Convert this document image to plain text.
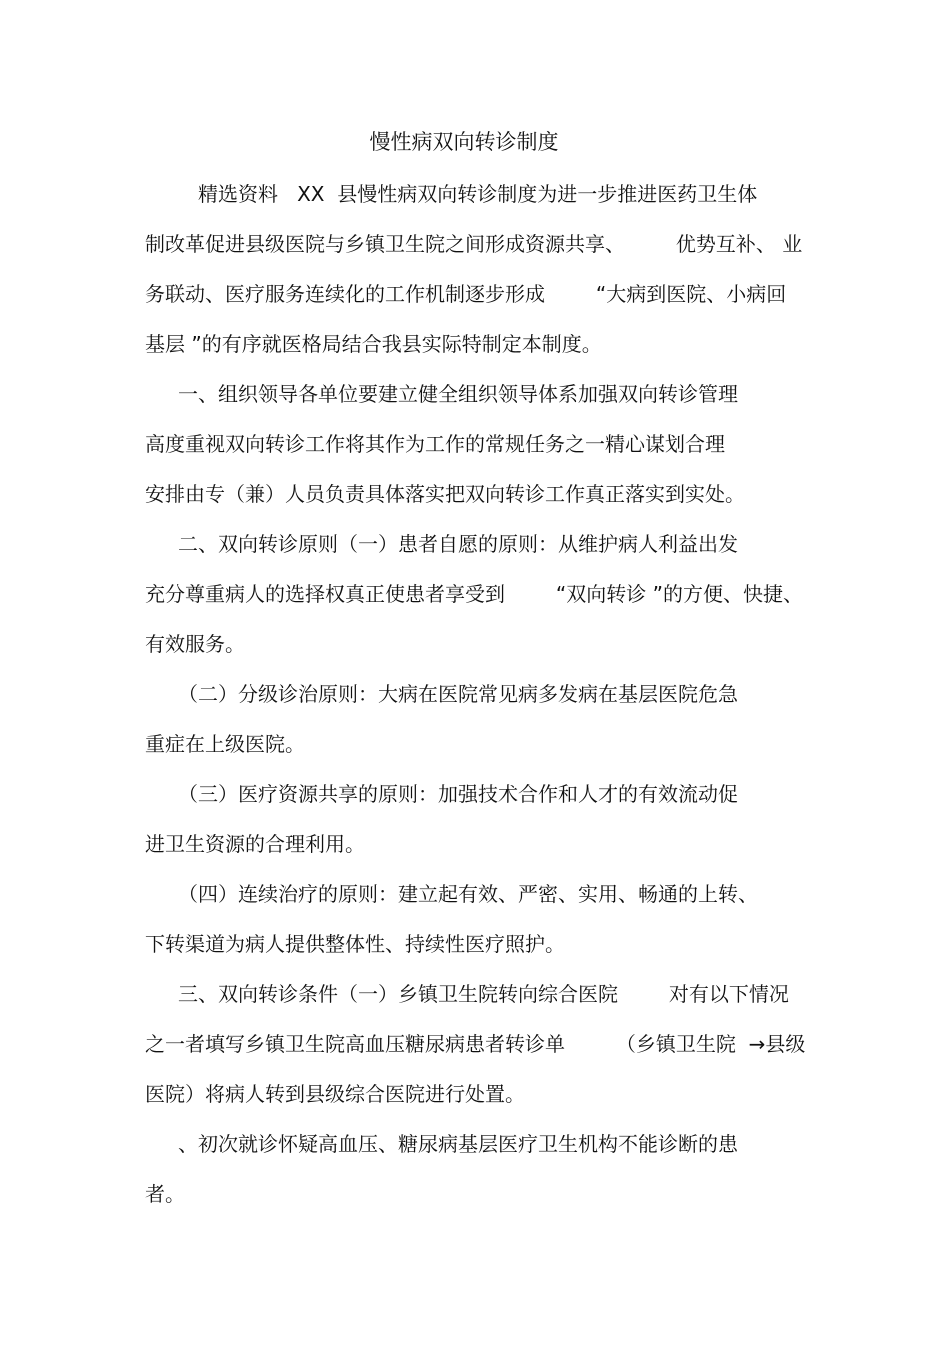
慢性病双向转诊制度
精选资料   XX  县慢性病双向转诊制度为进一步推进医药卫生体
制改革促进县级医院与乡镇卫生院之间形成资源共享、        优势互补、 业
务联动、医疗服务连续化的工作机制逐步形成        “大病到医院、小病回
基层 ”的有序就医格局结合我县实际特制定本制度。
一、组织领导各单位要建立健全组织领导体系加强双向转诊管理
高度重视双向转诊工作将其作为工作的常规任务之一精心谋划合理
安排由专（兼）人员负责具体落实把双向转诊工作真正落实到实处。
二、双向转诊原则（一）患者自愿的原则：从维护病人利益出发
充分尊重病人的选择权真正使患者享受到        “双向转诊 ”的方便、快捷、
有效服务。
（二）分级诊治原则：大病在医院常见病多发病在基层医院危急
重症在上级医院。
（三）医疗资源共享的原则：加强技术合作和人才的有效流动促
进卫生资源的合理利用。
（四）连续治疗的原则：建立起有效、严密、实用、畅通的上转、
下转渠道为病人提供整体性、持续性医疗照护。
三、双向转诊条件（一）乡镇卫生院转向综合医院        对有以下情况
之一者填写乡镇卫生院高血压糖尿病患者转诊单        （乡镇卫生院  →县级
医院）将病人转到县级综合医院进行处置。
、初次就诊怀疑高血压、糖尿病基层医疗卫生机构不能诊断的患
者。
